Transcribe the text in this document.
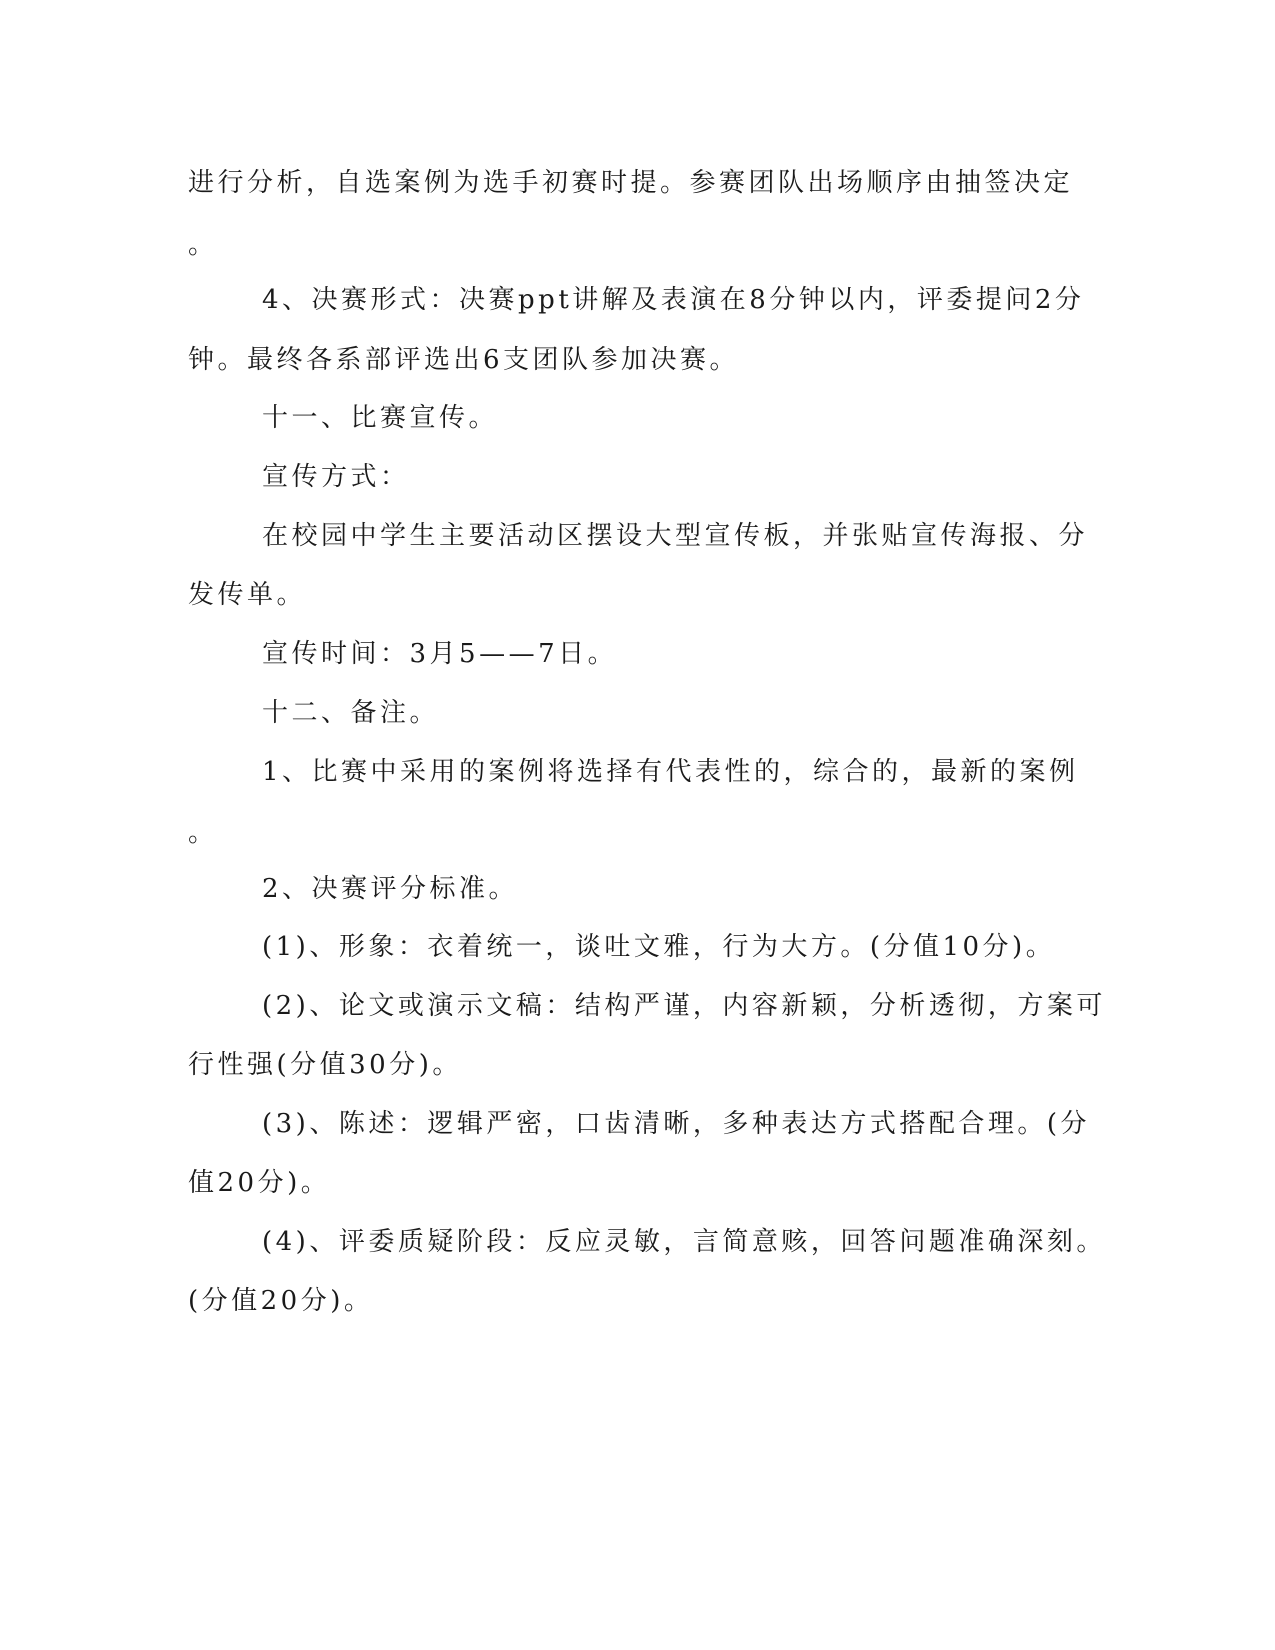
进行分析，自选案例为选手初赛时提。参赛团队出场顺序由抽签决定

。

4、决赛形式：决赛ppt讲解及表演在8分钟以内，评委提问2分

钟。最终各系部评选出6支团队参加决赛。

十一、比赛宣传。

宣传方式：

在校园中学生主要活动区摆设大型宣传板，并张贴宣传海报、分

发传单。

宣传时间：3月5——7日。

十二、备注。

1、比赛中采用的案例将选择有代表性的，综合的，最新的案例

。

2、决赛评分标准。

(1)、形象：衣着统一，谈吐文雅，行为大方。(分值10分)。

(2)、论文或演示文稿：结构严谨，内容新颖，分析透彻，方案可

行性强(分值30分)。

(3)、陈述：逻辑严密，口齿清晰，多种表达方式搭配合理。(分

值20分)。

(4)、评委质疑阶段：反应灵敏，言简意赅，回答问题准确深刻。

(分值20分)。
